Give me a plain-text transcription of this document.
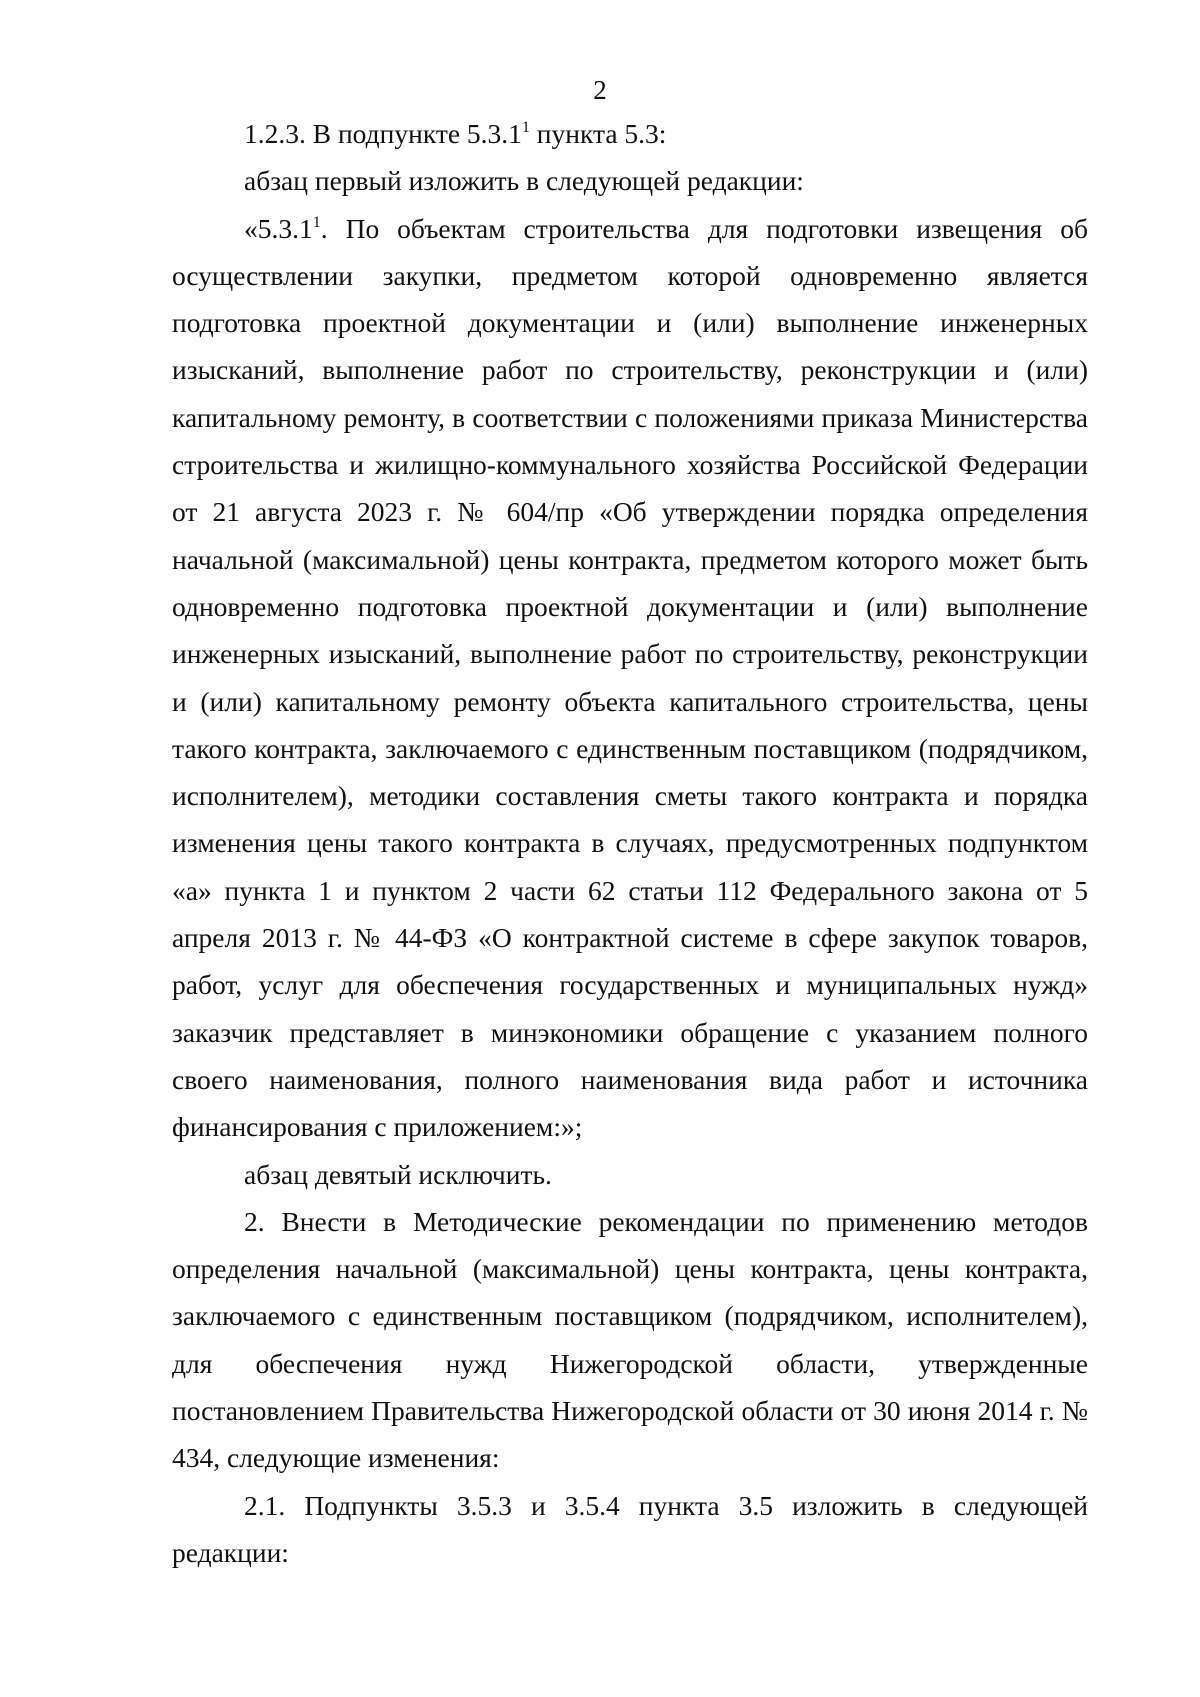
2

1.2.3. В подпункте 5.3.1$^1$ пункта 5.3:

абзац первый изложить в следующей редакции:

«5.3.1$^1$. По объектам строительства для подготовки извещения об осуществлении закупки, предметом которой одновременно является подготовка проектной документации и (или) выполнение инженерных изысканий, выполнение работ по строительству, реконструкции и (или) капитальному ремонту, в соответствии с положениями приказа Министерства строительства и жилищно-коммунального хозяйства Российской Федерации от 21 августа 2023 г. № 604/пр «Об утверждении порядка определения начальной (максимальной) цены контракта, предметом которого может быть одновременно подготовка проектной документации и (или) выполнение инженерных изысканий, выполнение работ по строительству, реконструкции и (или) капитальному ремонту объекта капитального строительства, цены такого контракта, заключаемого с единственным поставщиком (подрядчиком, исполнителем), методики составления сметы такого контракта и порядка изменения цены такого контракта в случаях, предусмотренных подпунктом «а» пункта 1 и пунктом 2 части 62 статьи 112 Федерального закона от 5 апреля 2013 г. № 44-ФЗ «О контрактной системе в сфере закупок товаров, работ, услуг для обеспечения государственных и муниципальных нужд» заказчик представляет в минэкономики обращение с указанием полного своего наименования, полного наименования вида работ и источника финансирования с приложением:»;

абзац девятый исключить.

2. Внести в Методические рекомендации по применению методов определения начальной (максимальной) цены контракта, цены контракта, заключаемого с единственным поставщиком (подрядчиком, исполнителем), для обеспечения нужд Нижегородской области, утвержденные постановлением Правительства Нижегородской области от 30 июня 2014 г. № 434, следующие изменения:

2.1. Подпункты 3.5.3 и 3.5.4 пункта 3.5 изложить в следующей редакции:
